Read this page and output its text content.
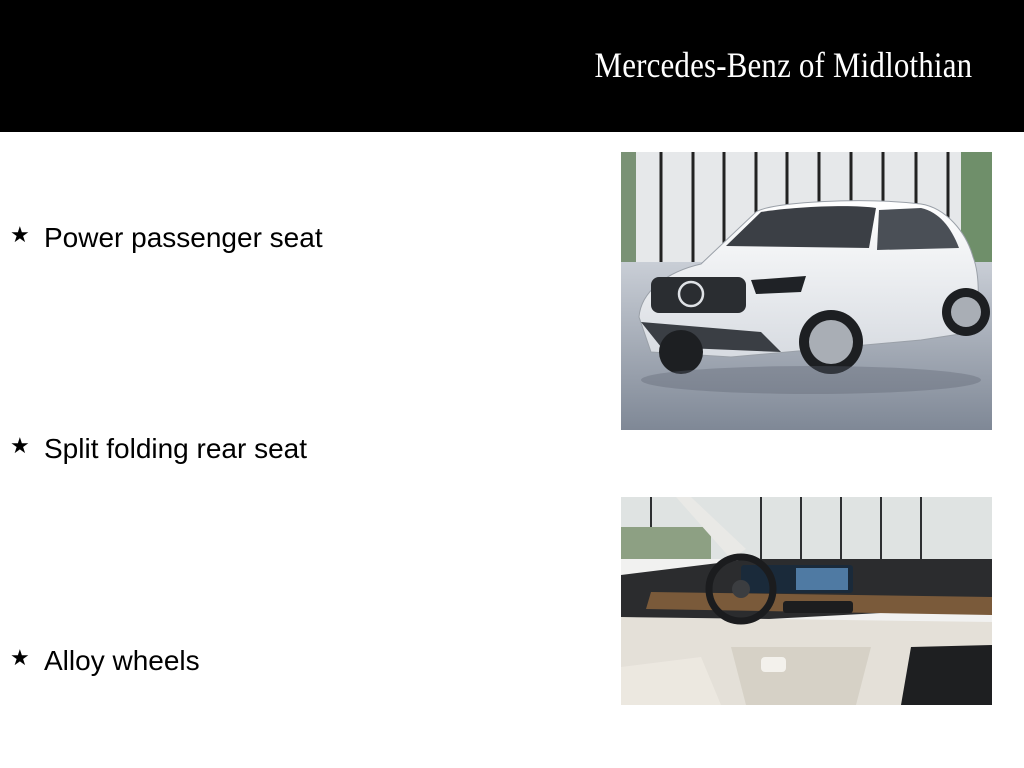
Mercedes-Benz of Midlothian
★ Power passenger seat
★ Split folding rear seat
★ Alloy wheels
